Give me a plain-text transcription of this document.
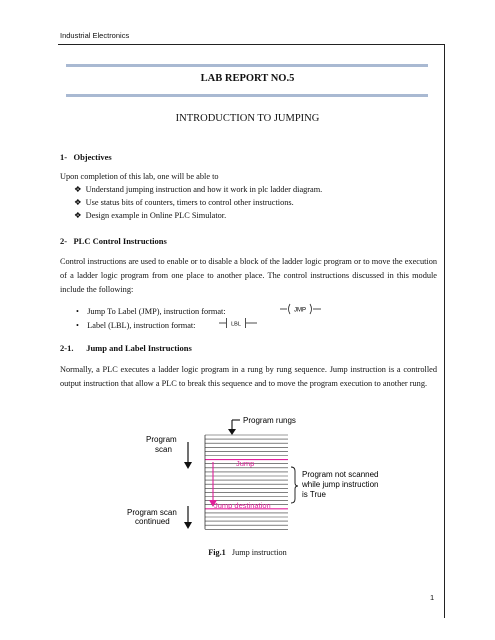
Industrial Electronics
LAB REPORT NO.5
INTRODUCTION TO JUMPING
1-   Objectives
Upon completion of this lab, one will be able to
❖ Understand jumping instruction and how it work in plc ladder diagram.
❖ Use status bits of counters, timers to control other instructions.
❖ Design example in Online PLC Simulator.
2-   PLC Control Instructions
Control instructions are used to enable or to disable a block of the ladder logic program or to move the execution of a ladder logic program from one place to another place. The control instructions discussed in this module include the following:
• Jump To Label (JMP), instruction format:	JMP
• Label (LBL), instruction format:	LBL
2-1.      Jump and Label Instructions
Normally, a PLC executes a ladder logic program in a rung by rung sequence. Jump instruction is a controlled output instruction that allow a PLC to break this sequence and to move the program execution to another rung.
Program rungs
Program
scan
Jump
Jump destination
Program not scanned
while jump instruction
is True
Program scan
continued
Fig.1 Jump instruction
1
